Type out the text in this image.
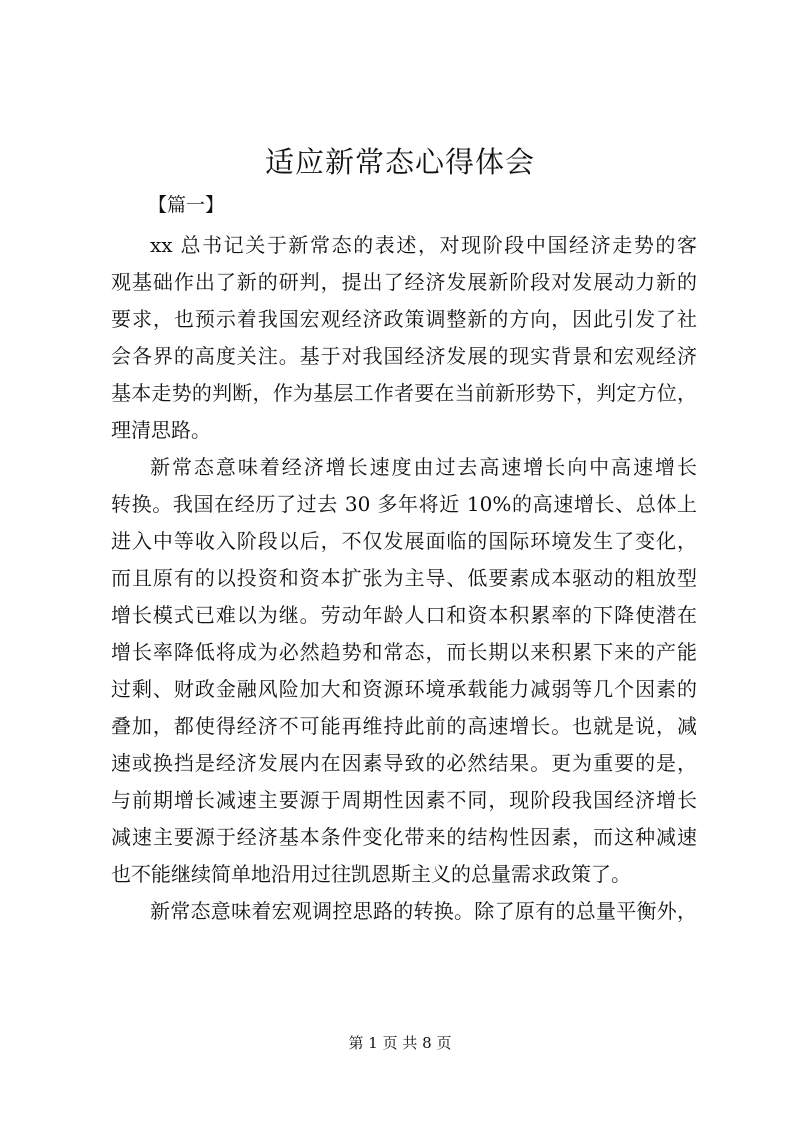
适应新常态心得体会

【篇一】

xx 总书记关于新常态的表述，对现阶段中国经济走势的客
观基础作出了新的研判，提出了经济发展新阶段对发展动力新的
要求，也预示着我国宏观经济政策调整新的方向，因此引发了社
会各界的高度关注。基于对我国经济发展的现实背景和宏观经济
基本走势的判断，作为基层工作者要在当前新形势下，判定方位，
理清思路。

新常态意味着经济增长速度由过去高速增长向中高速增长
转换。我国在经历了过去 30 多年将近 10%的高速增长、总体上
进入中等收入阶段以后，不仅发展面临的国际环境发生了变化，
而且原有的以投资和资本扩张为主导、低要素成本驱动的粗放型
增长模式已难以为继。劳动年龄人口和资本积累率的下降使潜在
增长率降低将成为必然趋势和常态，而长期以来积累下来的产能
过剩、财政金融风险加大和资源环境承载能力减弱等几个因素的
叠加，都使得经济不可能再维持此前的高速增长。也就是说，减
速或换挡是经济发展内在因素导致的必然结果。更为重要的是，
与前期增长减速主要源于周期性因素不同，现阶段我国经济增长
减速主要源于经济基本条件变化带来的结构性因素，而这种减速
也不能继续简单地沿用过往凯恩斯主义的总量需求政策了。

新常态意味着宏观调控思路的转换。除了原有的总量平衡外，

第 1 页 共 8 页
